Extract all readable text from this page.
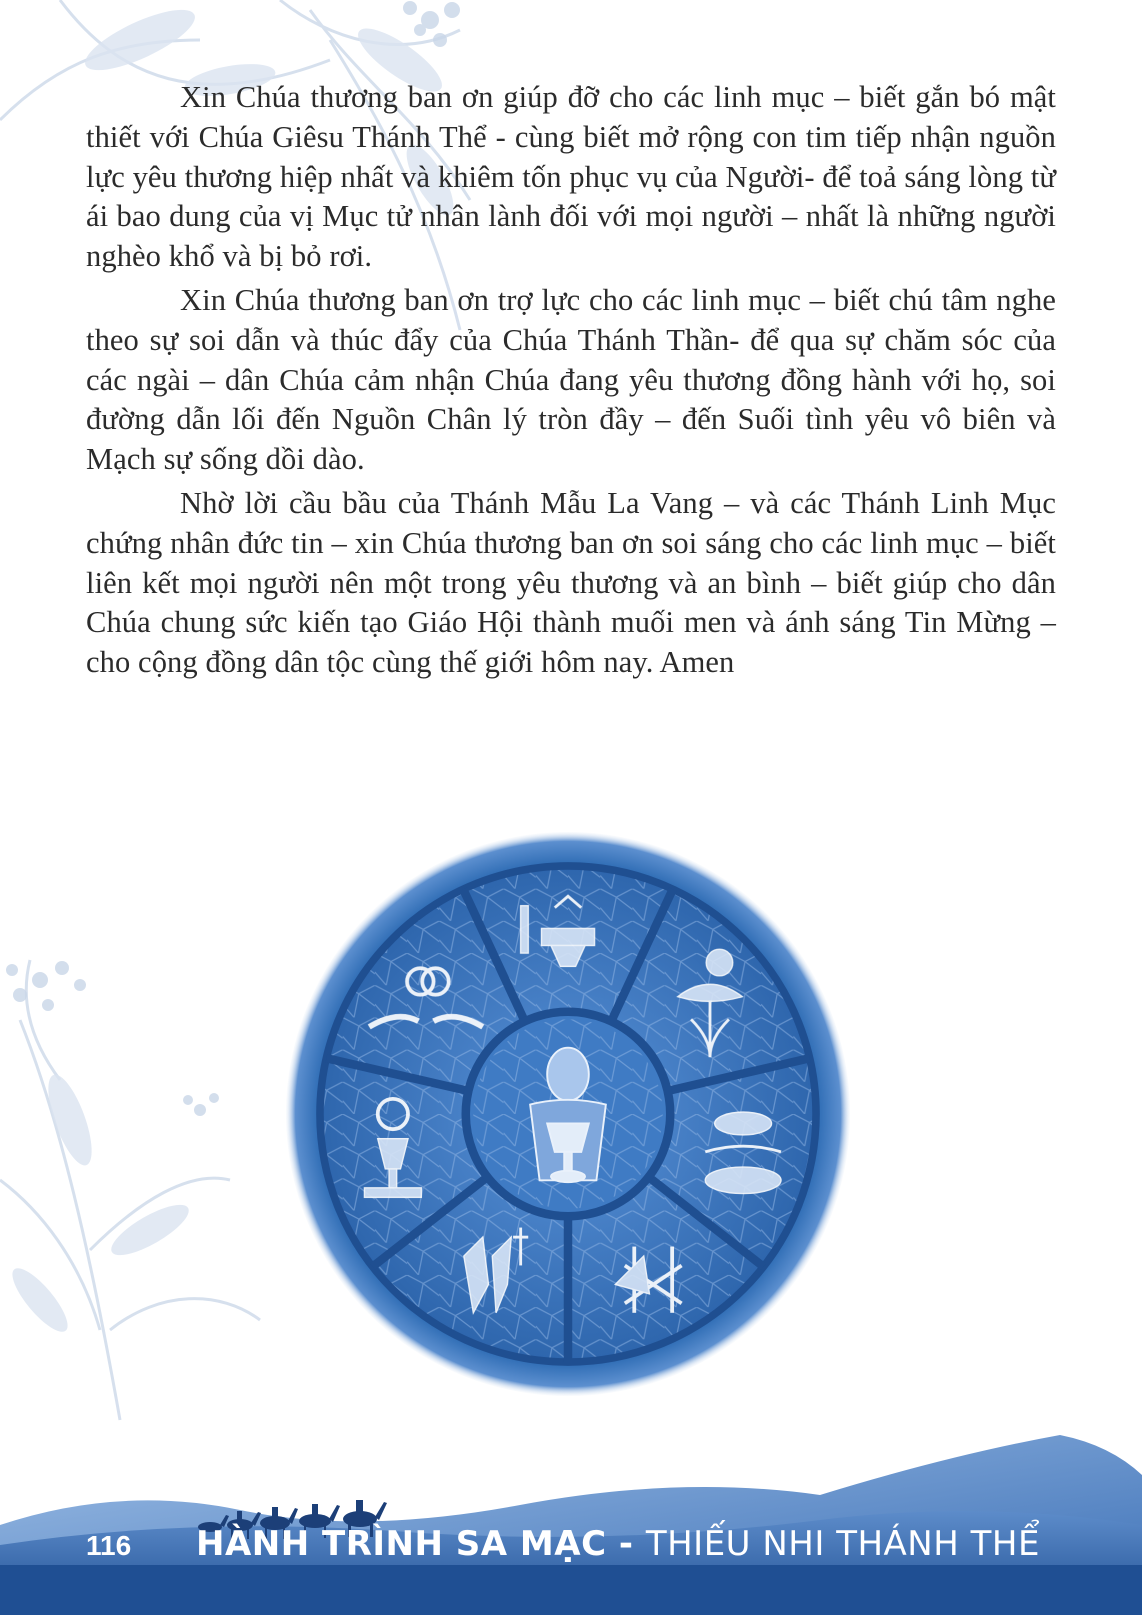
Xin Chúa thương ban ơn giúp đỡ cho các linh mục – biết gắn bó mật thiết với Chúa Giêsu Thánh Thể - cùng biết mở rộng con tim tiếp nhận nguồn lực yêu thương hiệp nhất và khiêm tốn phục vụ của Người- để toả sáng lòng từ ái bao dung của vị Mục tử nhân lành đối với mọi người – nhất là những người nghèo khổ và bị bỏ rơi.

Xin Chúa thương ban ơn trợ lực cho các linh mục – biết chú tâm nghe theo sự soi dẫn và thúc đẩy của Chúa Thánh Thần- để qua sự chăm sóc của các ngài – dân Chúa cảm nhận Chúa đang yêu thương đồng hành với họ, soi đường dẫn lối đến Nguồn Chân lý tròn đầy – đến Suối tình yêu vô biên và Mạch sự sống dồi dào.

Nhờ lời cầu bầu của Thánh Mẫu La Vang – và các Thánh Linh Mục chứng nhân đức tin – xin Chúa thương ban ơn soi sáng cho các linh mục – biết liên kết mọi người nên một trong yêu thương và an bình – biết giúp cho dân Chúa chung sức kiến tạo Giáo Hội thành muối men và ánh sáng Tin Mừng – cho cộng đồng dân tộc cùng thế giới hôm nay. Amen

116 HÀNH TRÌNH SA MẠC - THIẾU NHI THÁNH THỂ
